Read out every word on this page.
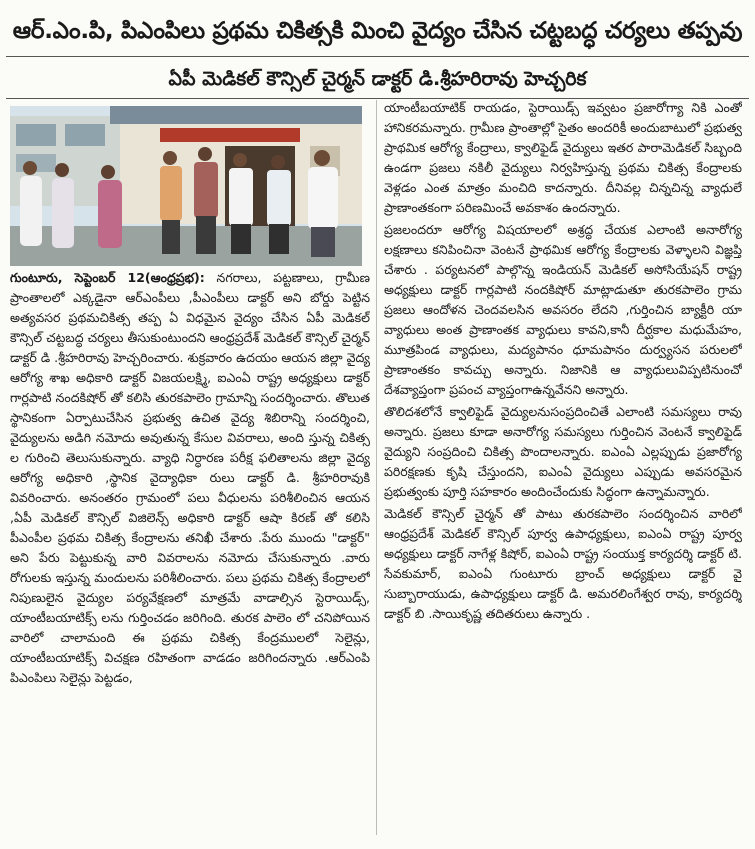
ఆర్.ఎం.పి, పిఎంపిలు ప్రథమ చికిత్సకి మించి వైద్యం చేసిన చట్టబద్ధ చర్యలు తప్పవు
ఏపీ మెడికల్ కౌన్సిల్ చైర్మన్ డాక్టర్ డి.శ్రీహరిరావు హెచ్చరిక

గుంటూరు, సెప్టెంబర్ 12(ఆంధ్రప్రభ): నగరాలు, పట్టణాలు, గ్రామీణ ప్రాంతాలలో ఎక్కడైనా ఆర్ఎంపీలు ,పీఎంపీలు డాక్టర్ అని బోర్డు పెట్టిన అత్యవసర ప్రథమచికిత్స తప్ప ఏ విధమైన వైద్యం చేసిన ఏపీ మెడికల్ కౌన్సిల్ చట్టబద్ధ చర్యలు తీసుకుంటుందని ఆంధ్రప్రదేశ్ మెడికల్ కౌన్సిల్ చైర్మన్ డాక్టర్ డి .శ్రీహరిరావు హెచ్చరించారు. శుక్రవారం ఉదయం ఆయన జిల్లా వైద్య ఆరోగ్య శాఖ అధికారి డాక్టర్ విజయలక్ష్మి, ఐఎంఏ రాష్ట్ర అధ్యక్షులు డాక్టర్ గార్లపాటి నందకిషోర్ తో కలిసి తురకపాలెం గ్రామాన్ని సందర్శించారు. తొలుత స్థానికంగా ఏర్పాటుచేసిన ప్రభుత్వ ఉచిత వైద్య శిబిరాన్ని సందర్శించి, వైద్యులను అడిగి నమోదు అవుతున్న కేసుల వివరాలు, అంది స్తున్న చికిత్స ల గురించి తెలుసుకున్నారు. వ్యాధి నిర్ధారణ పరీక్ష ఫలితాలను జిల్లా వైద్య ఆరోగ్య అధికారి ,స్థానిక వైద్యాధికా రులు డాక్టర్ డి. శ్రీహరిరావుకి వివరించారు. అనంతరం గ్రామంలో పలు వీధులను పరిశీలించిన ఆయన ,ఏపీ మెడికల్ కౌన్సిల్ విజిలెన్స్ అధికారి డాక్టర్ ఆషా కిరణ్ తో కలిసి పీఎంపీల ప్రథమ చికిత్స కేంద్రాలను తనిఖీ చేశారు .పేరు ముందు "డాక్టర్" అని పేరు పెట్టుకున్న వారి వివరాలను నమోదు చేసుకున్నారు .వారు రోగులకు ఇస్తున్న మందులను పరిశీలించారు. పలు ప్రథమ చికిత్స కేంద్రాలలో నిపుణులైన వైద్యుల పర్యవేక్షణలో మాత్రమే వాడాల్సిన స్టెరాయిడ్స్, యాంటీబయాటిక్స్ లను గుర్తించడం జరిగింది. తురక పాలెం లో చనిపోయిన వారిలో చాలామంది ఈ ప్రథమ చికిత్స కేంద్రములలో సెలైన్లు, యాంటీబయాటిక్స్ విచక్షణ రహితంగా వాడడం జరిగిందన్నారు .ఆర్ఎంపి పిఎంపిలు సెలైన్లు పెట్టడం,

యాంటీబయాటిక్ రాయడం, స్టెరాయిడ్స్ ఇవ్వటం ప్రజారోగ్యా నికి ఎంతో హానికరమన్నారు. గ్రామీణ ప్రాంతాల్లో సైతం అందరికీ అందుబాటులో ప్రభుత్వ ప్రాథమిక ఆరోగ్య కేంద్రాలు, క్వాలిఫైడ్ వైద్యులు ఇతర పారామెడికల్ సిబ్బంది ఉండగా ప్రజలు నకిలీ వైద్యులు నిర్వహిస్తున్న ప్రథమ చికిత్స కేంద్రాలకు వెళ్లడం ఎంత మాత్రం మంచిది కాదన్నారు. దీనివల్ల చిన్నచిన్న వ్యాధులే ప్రాణాంతకంగా పరిణమించే అవకాశం ఉందన్నారు.

ప్రజలందరూ ఆరోగ్య విషయాలలో అశ్రద్ధ చేయక ఎలాంటి అనారోగ్య లక్షణాలు కనిపించినా వెంటనే ప్రాథమిక ఆరోగ్య కేంద్రాలకు వెళ్ళాలని విజ్ఞప్తి చేశారు . పర్యటనలో పాల్గొన్న ఇండియన్ మెడికల్ అసోసియేషన్ రాష్ట్ర అధ్యక్షులు డాక్టర్ గార్లపాటి నందకిషోర్ మాట్లాడుతూ తురకపాలెం గ్రామ ప్రజలు ఆందోళన చెందవలసిన అవసరం లేదని ,గుర్తించిన బ్యాక్టీరి యా వ్యాధులు అంత ప్రాణాంతక వ్యాధులు కావని,కానీ దీర్ఘకాల మధుమేహం, మూత్రపిండ వ్యాధులు, మద్యపానం ధూమపానం దుర్వ్యసన పరులలో ప్రాణాంతకం కావచ్చు అన్నారు. నిజానికి ఆ వ్యాధులువిప్పటినుంచో దేశవ్యాప్తంగా ప్రపంచ వ్యాప్తంగాఉన్నవేనని అన్నారు.

తొలిదశలోనే క్వాలిఫైడ్ వైద్యులనుసంప్రదించితే ఎలాంటి సమస్యలు రావు అన్నారు. ప్రజలు కూడా అనారోగ్య సమస్యలు గుర్తించిన వెంటనే క్వాలిఫైడ్ వైద్యుని సంప్రదించి చికిత్స పొందాలన్నారు. ఐఎంఏ ఎల్లప్పుడు ప్రజారోగ్య పరిరక్షణకు కృషి చేస్తుందని, ఐఎంఏ వైద్యులు ఎప్పుడు అవసరమైన ప్రభుత్వంకు పూర్తి సహకారం అందించేందుకు సిద్ధంగా ఉన్నామన్నారు.

మెడికల్ కౌన్సిల్ చైర్మన్ తో పాటు తురకపాలెం సందర్శించిన వారిలో ఆంధ్రప్రదేశ్ మెడికల్ కౌన్సిల్ పూర్వ ఉపాధ్యక్షులు, ఐఎంఏ రాష్ట్ర పూర్వ అధ్యక్షులు డాక్టర్ నాగేళ్ల కిషోర్, ఐఎంఏ రాష్ట్ర సంయుక్త కార్యదర్శి డాక్టర్ టి. సేవకుమార్, ఐఎంఏ గుంటూరు బ్రాంచ్ అధ్యక్షులు డాక్టర్ వై సుబ్బారాయుడు, ఉపాధ్యక్షులు డాక్టర్ డి. అమరలింగేశ్వర రావు, కార్యదర్శి డాక్టర్ బి .సాయికృష్ణ తదితరులు ఉన్నారు .
